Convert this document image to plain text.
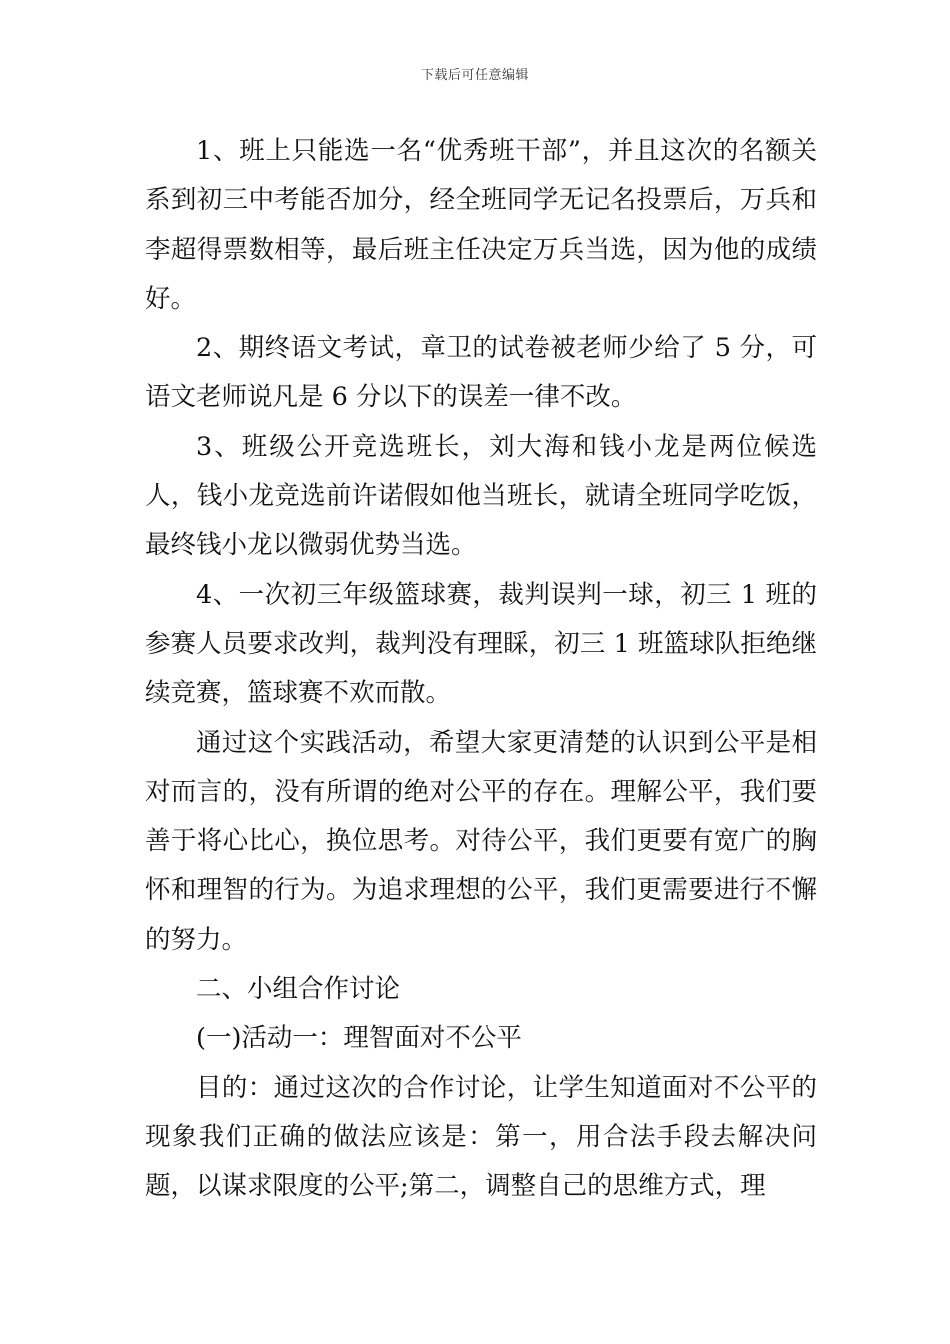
下载后可任意编辑

1、班上只能选一名“优秀班干部”，并且这次的名额关系到初三中考能否加分，经全班同学无记名投票后，万兵和李超得票数相等，最后班主任决定万兵当选，因为他的成绩好。

2、期终语文考试，章卫的试卷被老师少给了 5 分，可语文老师说凡是 6 分以下的误差一律不改。

3、班级公开竞选班长，刘大海和钱小龙是两位候选人，钱小龙竞选前许诺假如他当班长，就请全班同学吃饭，最终钱小龙以微弱优势当选。

4、一次初三年级篮球赛，裁判误判一球，初三 1 班的参赛人员要求改判，裁判没有理睬，初三 1 班篮球队拒绝继续竞赛，篮球赛不欢而散。

通过这个实践活动，希望大家更清楚的认识到公平是相对而言的，没有所谓的绝对公平的存在。理解公平，我们要善于将心比心，换位思考。对待公平，我们更要有宽广的胸怀和理智的行为。为追求理想的公平，我们更需要进行不懈的努力。

二、小组合作讨论

(一)活动一：理智面对不公平

目的：通过这次的合作讨论，让学生知道面对不公平的现象我们正确的做法应该是：第一，用合法手段去解决问题，以谋求限度的公平;第二，调整自己的思维方式，理
